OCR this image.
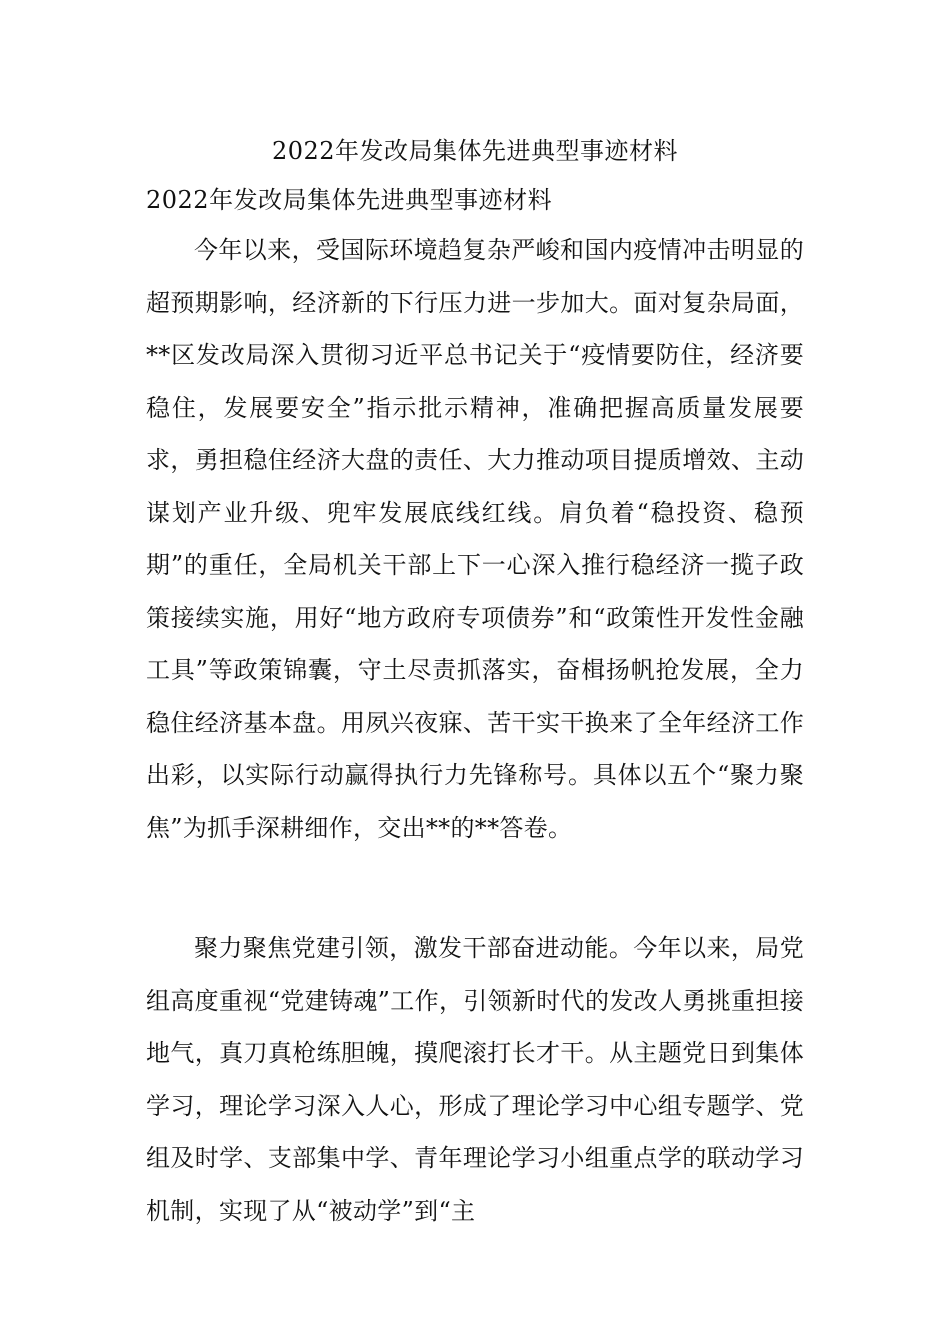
2022年发改局集体先进典型事迹材料
2022年发改局集体先进典型事迹材料

今年以来，受国际环境趋复杂严峻和国内疫情冲击明显的超预期影响，经济新的下行压力进一步加大。面对复杂局面，**区发改局深入贯彻习近平总书记关于“疫情要防住，经济要稳住，发展要安全”指示批示精神，准确把握高质量发展要求，勇担稳住经济大盘的责任、大力推动项目提质增效、主动谋划产业升级、兜牢发展底线红线。肩负着“稳投资、稳预期”的重任，全局机关干部上下一心深入推行稳经济一揽子政策接续实施，用好“地方政府专项债券”和“政策性开发性金融工具”等政策锦囊，守土尽责抓落实，奋楫扬帆抢发展，全力稳住经济基本盘。用夙兴夜寐、苦干实干换来了全年经济工作出彩，以实际行动赢得执行力先锋称号。具体以五个“聚力聚焦”为抓手深耕细作，交出**的**答卷。

聚力聚焦党建引领，激发干部奋进动能。今年以来，局党组高度重视“党建铸魂”工作，引领新时代的发改人勇挑重担接地气，真刀真枪练胆魄，摸爬滚打长才干。从主题党日到集体学习，理论学习深入人心，形成了理论学习中心组专题学、党组及时学、支部集中学、青年理论学习小组重点学的联动学习机制，实现了从“被动学”到“主
